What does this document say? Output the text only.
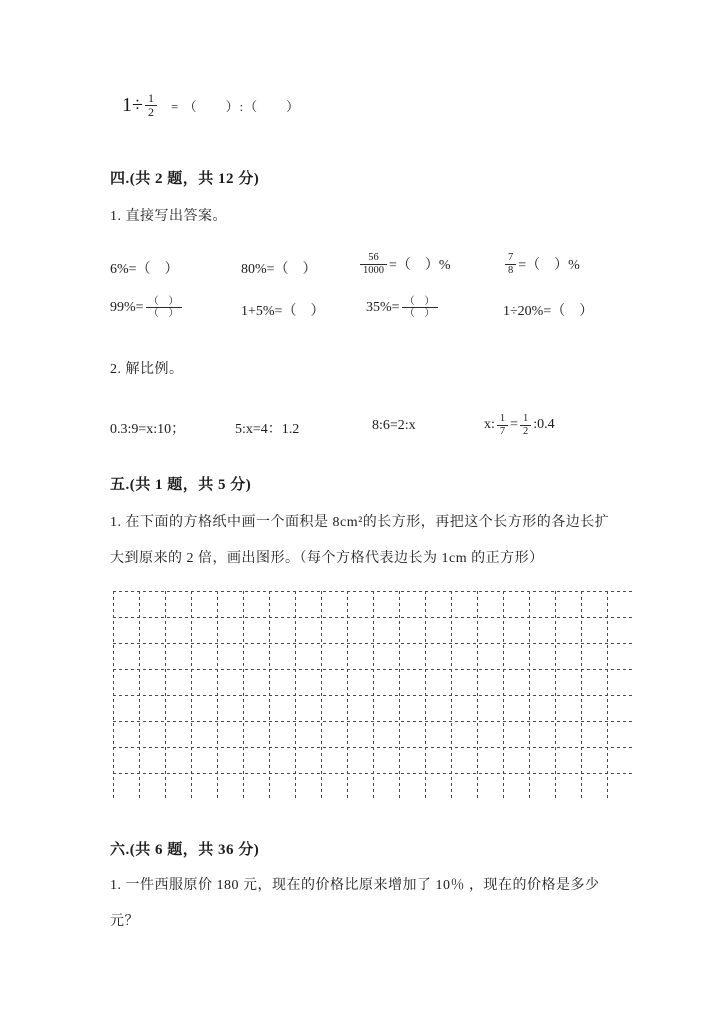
$1\div \frac{1}{2}$ = （　　）:（　　）
四.(共 2 题，共 12 分)
1. 直接写出答案。
6%=（　）	80%=（　）	$\frac{56}{1000}$ =（　）%	$\frac{7}{8}$ =（　）%
$99\%= \frac{( )}{( )}$	1+5%=（　）	$35\%= \frac{( )}{( )}$	1÷20%=（　）
2. 解比例。
0.3:9=x:10；	5:x=4：1.2	8:6=2:x	x: $\frac{1}{7} = \frac{1}{2}$ :0.4
五.(共 1 题，共 5 分)
1. 在下面的方格纸中画一个面积是 8cm²的长方形，再把这个长方形的各边长扩
大到原来的 2 倍，画出图形。（每个方格代表边长为 1cm 的正方形）
六.(共 6 题，共 36 分)
1. 一件西服原价 180 元，现在的价格比原来增加了 10％ ，现在的价格是多少
元？
